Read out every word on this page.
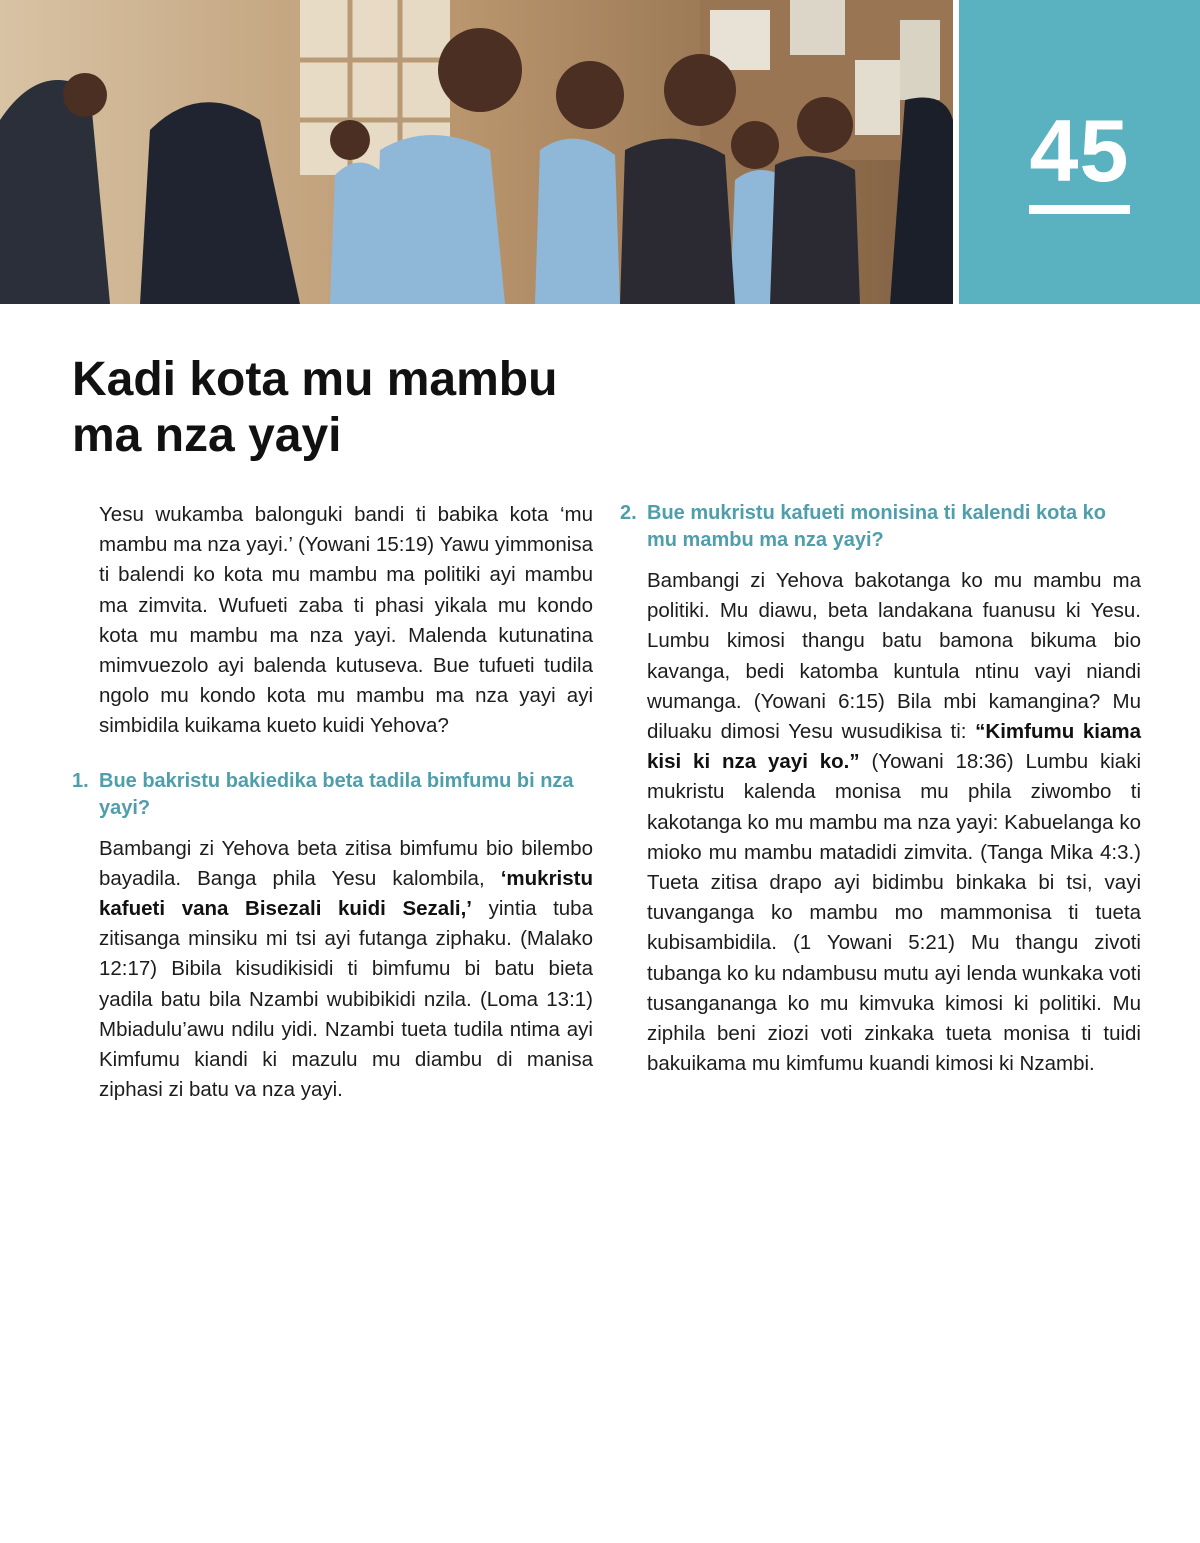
45
Kadi kota mu mambu
ma nza yayi

Yesu wukamba balonguki bandi ti babika kota ‘mu mambu ma nza yayi.’ (Yowani 15:19) Yawu yimmonisa ti balendi ko kota mu mambu ma politiki ayi mambu ma zimvita. Wufueti zaba ti phasi yikala mu kondo kota mu mambu ma nza yayi. Malenda kutunatina mimvuezolo ayi balenda kutuseva. Bue tufueti tudila ngolo mu kondo kota mu mambu ma nza yayi ayi simbidila kuikama kueto kuidi Yehova?

1. Bue bakristu bakiedika beta tadila bimfumu bi nza yayi?

Bambangi zi Yehova beta zitisa bimfumu bio bilembo bayadila. Banga phila Yesu kalombila, ‘mukristu kafueti vana Bisezali kuidi Sezali,’ yintia tuba zitisanga minsiku mi tsi ayi futanga ziphaku. (Malako 12:17) Bibila kisudikisidi ti bimfumu bi batu bieta yadila batu bila Nzambi wubibikidi nzila. (Loma 13:1) Mbiadulu’awu ndilu yidi. Nzambi tueta tudila ntima ayi Kimfumu kiandi ki mazulu mu diambu di manisa ziphasi zi batu va nza yayi.

2. Bue mukristu kafueti monisina ti kalendi kota ko mu mambu ma nza yayi?

Bambangi zi Yehova bakotanga ko mu mambu ma politiki. Mu diawu, beta landakana fuanusu ki Yesu. Lumbu kimosi thangu batu bamona bikuma bio kavanga, bedi katomba kuntula ntinu vayi niandi wumanga. (Yowani 6:15) Bila mbi kamangina? Mu diluaku dimosi Yesu wusudikisa ti: “Kimfumu kiama kisi ki nza yayi ko.” (Yowani 18:36) Lumbu kiaki mukristu kalenda monisa mu phila ziwombo ti kakotanga ko mu mambu ma nza yayi: Kabuelanga ko mioko mu mambu matadidi zimvita. (Tanga Mika 4:3.) Tueta zitisa drapo ayi bidimbu binkaka bi tsi, vayi tuvanganga ko mambu mo mammonisa ti tueta kubisambidila. (1 Yowani 5:21) Mu thangu zivoti tubanga ko ku ndambusu mutu ayi lenda wunkaka voti tusangananga ko mu kimvuka kimosi ki politiki. Mu ziphila beni ziozi voti zinkaka tueta monisa ti tuidi bakuikama mu kimfumu kuandi kimosi ki Nzambi.
